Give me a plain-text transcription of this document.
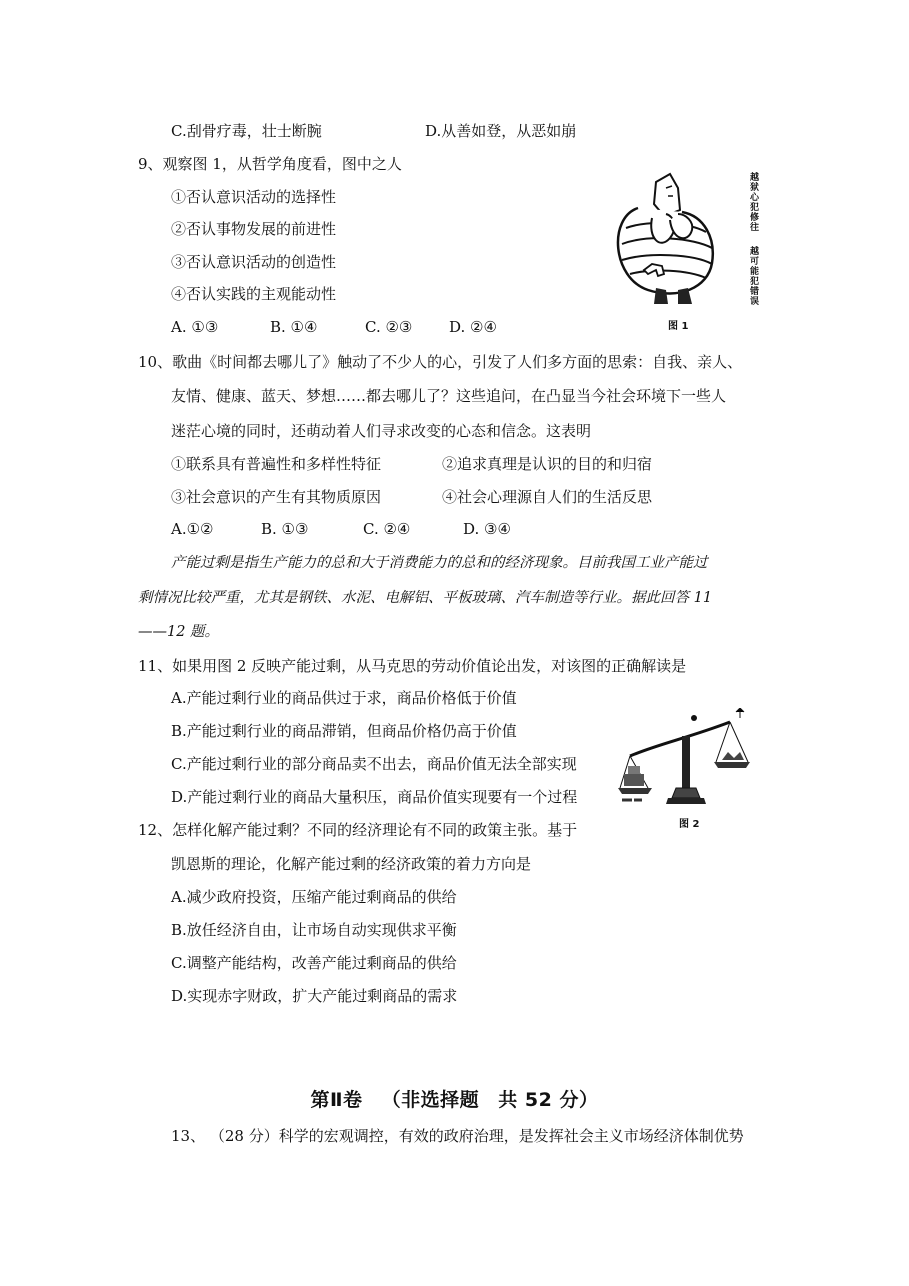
C.刮骨疗毒，壮士断腕	D.从善如登，从恶如崩
9、观察图 1，从哲学角度看，图中之人
①否认意识活动的选择性
②否认事物发展的前进性
③否认意识活动的创造性
④否认实践的主观能动性
A. ①③	B. ①④	C. ②③ D. ②④
越狱心犯修往
越可能犯错误
图 1
10、歌曲《时间都去哪儿了》触动了不少人的心，引发了人们多方面的思索：自我、亲人、
友情、健康、蓝天、梦想……都去哪儿了？这些追问，在凸显当今社会环境下一些人
迷茫心境的同时，还萌动着人们寻求改变的心态和信念。这表明
①联系具有普遍性和多样性特征	②追求真理是认识的目的和归宿
③社会意识的产生有其物质原因	④社会心理源自人们的生活反思
A.①②	B. ①③	C. ②④	D. ③④
产能过剩是指生产能力的总和大于消费能力的总和的经济现象。目前我国工业产能过
剩情况比较严重，尤其是钢铁、水泥、电解铝、平板玻璃、汽车制造等行业。据此回答 11
——12 题。
11、如果用图 2 反映产能过剩，从马克思的劳动价值论出发，对该图的正确解读是
A.产能过剩行业的商品供过于求，商品价格低于价值
B.产能过剩行业的商品滞销，但商品价格仍高于价值
C.产能过剩行业的部分商品卖不出去，商品价值无法全部实现
D.产能过剩行业的商品大量积压，商品价值实现要有一个过程
图 2
12、怎样化解产能过剩？不同的经济理论有不同的政策主张。基于
凯恩斯的理论，化解产能过剩的经济政策的着力方向是
A.减少政府投资，压缩产能过剩商品的供给
B.放任经济自由，让市场自动实现供求平衡
C.调整产能结构，改善产能过剩商品的供给
D.实现赤字财政，扩大产能过剩商品的需求
第Ⅱ卷 （非选择题 共 52 分）
13、 （28 分）科学的宏观调控，有效的政府治理，是发挥社会主义市场经济体制优势
